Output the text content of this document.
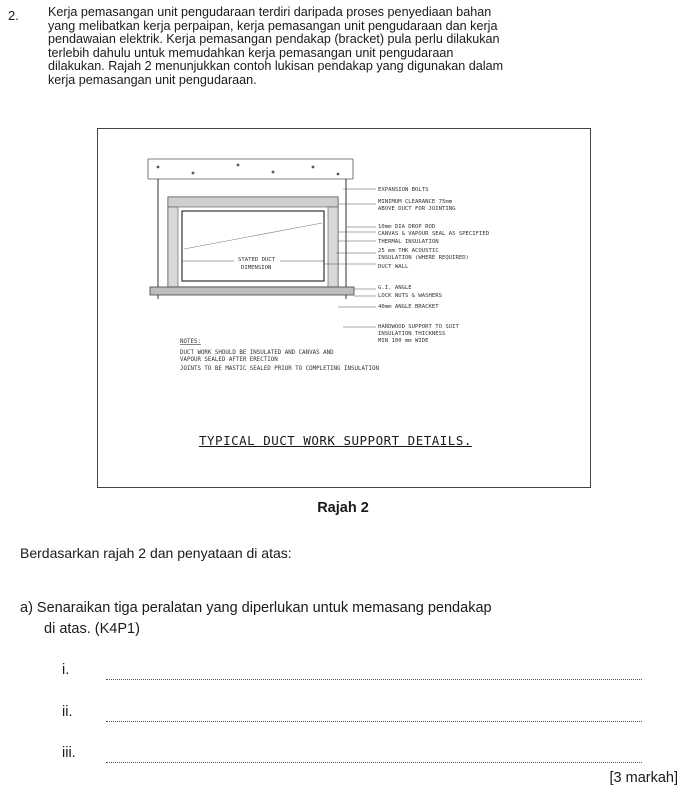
2. Kerja pemasangan unit pengudaraan terdiri daripada proses penyediaan bahan
yang melibatkan kerja perpaipan, kerja pemasangan unit pengudaraan dan kerja
pendawaian elektrik. Kerja pemasangan pendakap (bracket) pula perlu dilakukan
terlebih dahulu untuk memudahkan kerja pemasangan unit pengudaraan
dilakukan. Rajah 2 menunjukkan contoh lukisan pendakap yang digunakan dalam
kerja pemasangan unit pengudaraan.
STATED DUCT
DIMENSION
EXPANSION BOLTS
MINIMUM CLEARANCE 75mm
ABOVE DUCT FOR JOINTING
10mm DIA DROP ROD
CANVAS & VAPOUR SEAL AS SPECIFIED
THERMAL INSULATION
25 mm THK ACOUSTIC
INSULATION (WHERE REQUIRED)
DUCT WALL
G.I. ANGLE
LOCK NUTS & WASHERS
40mm ANGLE BRACKET
HARDWOOD SUPPORT TO SUIT
INSULATION THICKNESS
MIN 100 mm WIDE
NOTES:
DUCT WORK SHOULD BE INSULATED AND CANVAS AND
VAPOUR SEALED AFTER ERECTION
JOINTS TO BE MASTIC SEALED PRIOR TO COMPLETING INSULATION
TYPICAL DUCT WORK SUPPORT DETAILS.
Rajah 2
Berdasarkan rajah 2 dan penyataan di atas:
a) Senaraikan tiga peralatan yang diperlukan untuk memasang pendakap
di atas. (K4P1)
i.
ii.
iii.
[3 markah]
